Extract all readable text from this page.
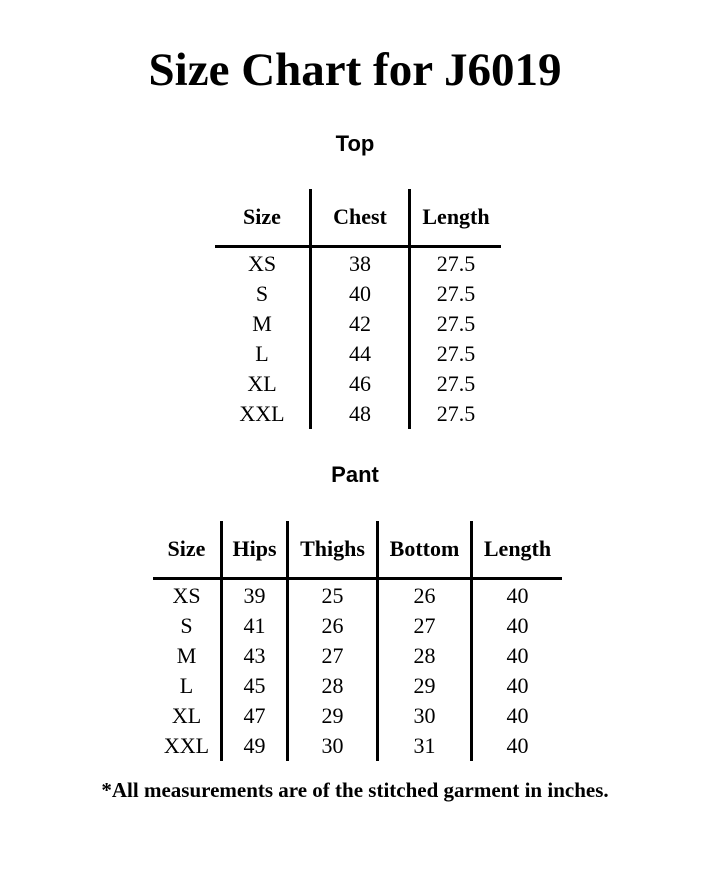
Size Chart for J6019
Top
Size	Chest	Length
XS	38	27.5
S	40	27.5
M	42	27.5
L	44	27.5
XL	46	27.5
XXL	48	27.5
Pant
Size	Hips	Thighs	Bottom	Length
XS	39	25	26	40
S	41	26	27	40
M	43	27	28	40
L	45	28	29	40
XL	47	29	30	40
XXL	49	30	31	40

*All measurements are of the stitched garment in inches.
